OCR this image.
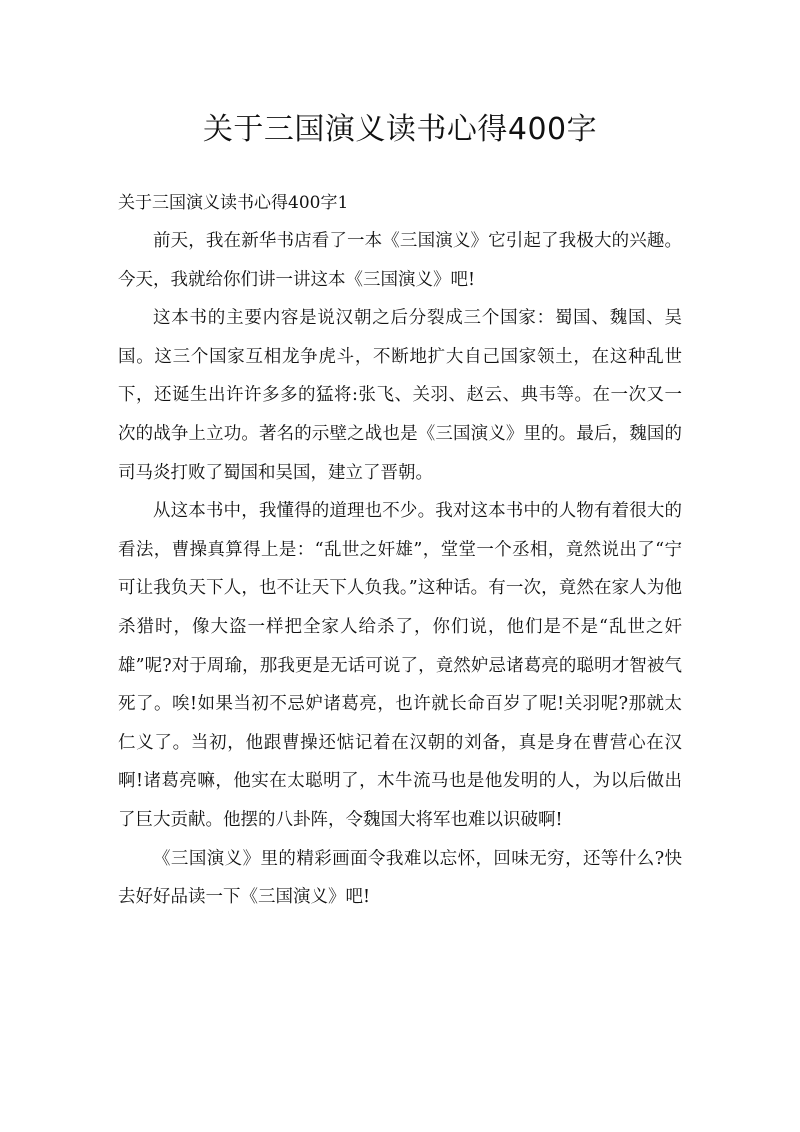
关于三国演义读书心得400字
关于三国演义读书心得400字1

前天，我在新华书店看了一本《三国演义》它引起了我极大的兴趣。今天，我就给你们讲一讲这本《三国演义》吧!

这本书的主要内容是说汉朝之后分裂成三个国家：蜀国、魏国、吴国。这三个国家互相龙争虎斗，不断地扩大自己国家领土，在这种乱世下，还诞生出许许多多的猛将:张飞、关羽、赵云、典韦等。在一次又一次的战争上立功。著名的示壁之战也是《三国演义》里的。最后，魏国的司马炎打败了蜀国和吴国，建立了晋朝。

从这本书中，我懂得的道理也不少。我对这本书中的人物有着很大的看法，曹操真算得上是：“乱世之奸雄”，堂堂一个丞相，竟然说出了“宁可让我负天下人，也不让天下人负我。”这种话。有一次，竟然在家人为他杀猎时，像大盗一样把全家人给杀了，你们说，他们是不是“乱世之奸雄”呢?对于周瑜，那我更是无话可说了，竟然妒忌诸葛亮的聪明才智被气死了。唉!如果当初不忌妒诸葛亮，也许就长命百岁了呢!关羽呢?那就太仁义了。当初，他跟曹操还惦记着在汉朝的刘备，真是身在曹营心在汉啊!诸葛亮嘛，他实在太聪明了，木牛流马也是他发明的人，为以后做出了巨大贡献。他摆的八卦阵，令魏国大将军也难以识破啊!

《三国演义》里的精彩画面令我难以忘怀，回味无穷，还等什么?快去好好品读一下《三国演义》吧!
